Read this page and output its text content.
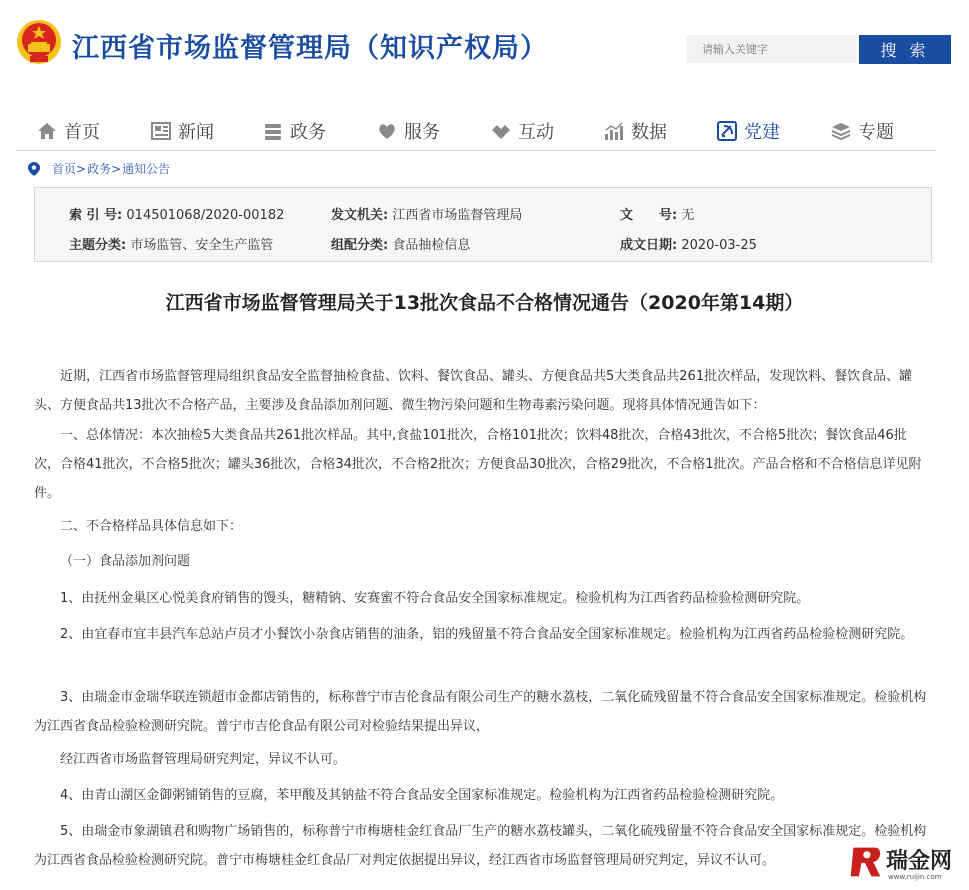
江西省市场监督管理局（知识产权局）
请输入关键字	搜 索
首页	新闻	政务	服务	互动	数据	党建	专题
首页 > 政务 > 通知公告
索 引 号: 014501068/2020-00182	发文机关: 江西省市场监督管理局	文　　号: 无
主题分类: 市场监管、安全生产监管	组配分类: 食品抽检信息	成文日期: 2020-03-25
江西省市场监督管理局关于13批次食品不合格情况通告（2020年第14期）

近期，江西省市场监督管理局组织食品安全监督抽检食盐、饮料、餐饮食品、罐头、方便食品共5大类食品共261批次样品，发现饮料、餐饮食品、罐头、方便食品共13批次不合格产品，主要涉及食品添加剂问题、微生物污染问题和生物毒素污染问题。现将具体情况通告如下：

一、总体情况：本次抽检5大类食品共261批次样品。其中,食盐101批次，合格101批次；饮料48批次，合格43批次，不合格5批次；餐饮食品46批次，合格41批次，不合格5批次；罐头36批次，合格34批次，不合格2批次；方便食品30批次，合格29批次，不合格1批次。产品合格和不合格信息详见附件。

二、不合格样品具体信息如下：

（一）食品添加剂问题

1、由抚州金巢区心悦美食府销售的馒头，糖精钠、安赛蜜不符合食品安全国家标准规定。检验机构为江西省药品检验检测研究院。

2、由宜春市宜丰县汽车总站卢员才小餐饮小杂食店销售的油条，铝的残留量不符合食品安全国家标准规定。检验机构为江西省药品检验检测研究院。

3、由瑞金市金瑞华联连锁超市金都店销售的，标称普宁市吉伦食品有限公司生产的糖水荔枝，二氧化硫残留量不符合食品安全国家标准规定。检验机构为江西省食品检验检测研究院。普宁市吉伦食品有限公司对检验结果提出异议，

经江西省市场监督管理局研究判定，异议不认可。

4、由青山湖区金御粥铺销售的豆腐，苯甲酸及其钠盐不符合食品安全国家标准规定。检验机构为江西省药品检验检测研究院。

5、由瑞金市象湖镇君和购物广场销售的，标称普宁市梅塘桂金红食品厂生产的糖水荔枝罐头，二氧化硫残留量不符合食品安全国家标准规定。检验机构为江西省食品检验检测研究院。普宁市梅塘桂金红食品厂对判定依据提出异议，经江西省市场监督管理局研究判定，异议不认可。	瑞金网
www.ruijin.com
